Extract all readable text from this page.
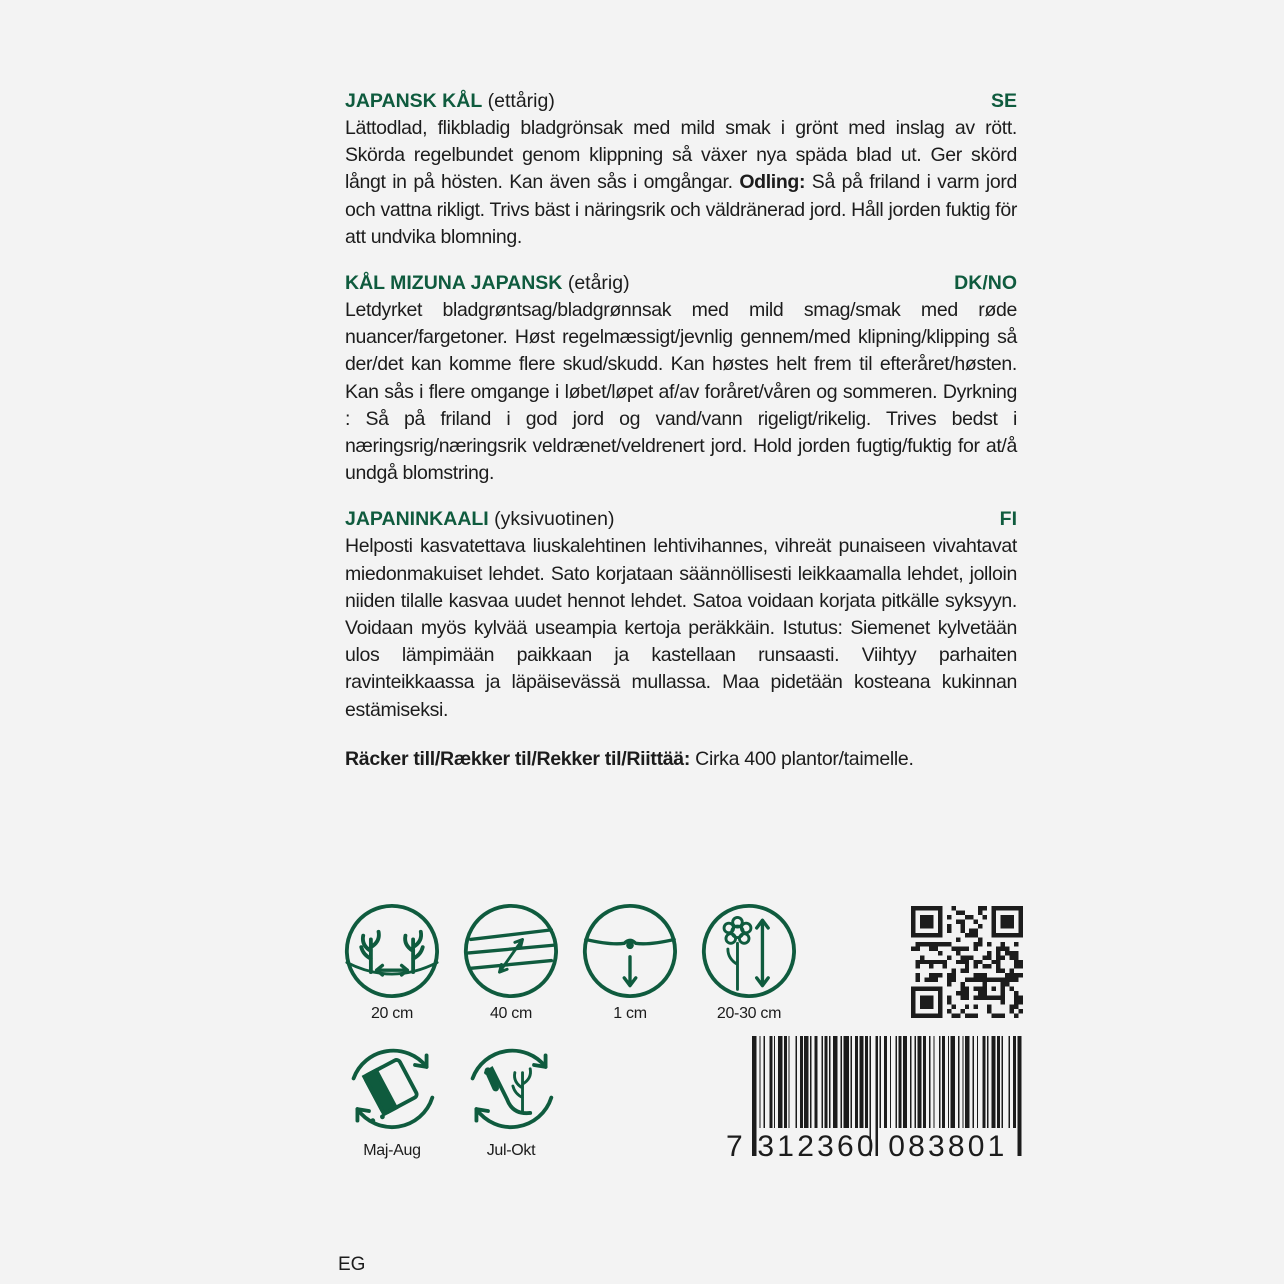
JAPANSK KÅL (ettårig)	SE

Lättodlad, flikbladig bladgrönsak med mild smak i grönt med inslag av rött. Skörda regelbundet genom klippning så växer nya späda blad ut. Ger skörd långt in på hösten. Kan även sås i omgångar. Odling: Så på friland i varm jord och vattna rikligt. Trivs bäst i näringsrik och väldränerad jord. Håll jorden fuktig för att undvika blomning.

KÅL MIZUNA JAPANSK (etårig)	DK/NO

Letdyrket bladgrøntsag/bladgrønnsak med mild smag/smak med røde nuancer/fargetoner. Høst regelmæssigt/jevnlig gennem/med klipning/klipping så der/det kan komme flere skud/skudd. Kan høstes helt frem til efteråret/høsten. Kan sås i flere omgange i løbet/løpet af/av foråret/våren og sommeren. Dyrkning : Så på friland i god jord og vand/vann rigeligt/rikelig. Trives bedst i næringsrig/næringsrik veldrænet/veldrenert jord. Hold jorden fugtig/fuktig for at/å undgå blomstring.

JAPANINKAALI (yksivuotinen)	FI

Helposti kasvatettava liuskalehtinen lehtivihannes, vihreät punaiseen vivahtavat miedonmakuiset lehdet. Sato korjataan säännöllisesti leikkaamalla lehdet, jolloin niiden tilalle kasvaa uudet hennot lehdet. Satoa voidaan korjata pitkälle syksyyn. Voidaan myös kylvää useampia kertoja peräkkäin. Istutus: Siemenet kylvetään ulos lämpimään paikkaan ja kastellaan runsaasti. Viihtyy parhaiten ravinteikkaassa ja läpäisevässä mullassa. Maa pidetään kosteana kukinnan estämiseksi.

Räcker till/Rækker til/Rekker til/Riittää: Cirka 400 plantor/taimelle.
20 cm	40 cm	1 cm	20-30 cm
Maj-Aug	Jul-Okt	7 312360 083801
EG
